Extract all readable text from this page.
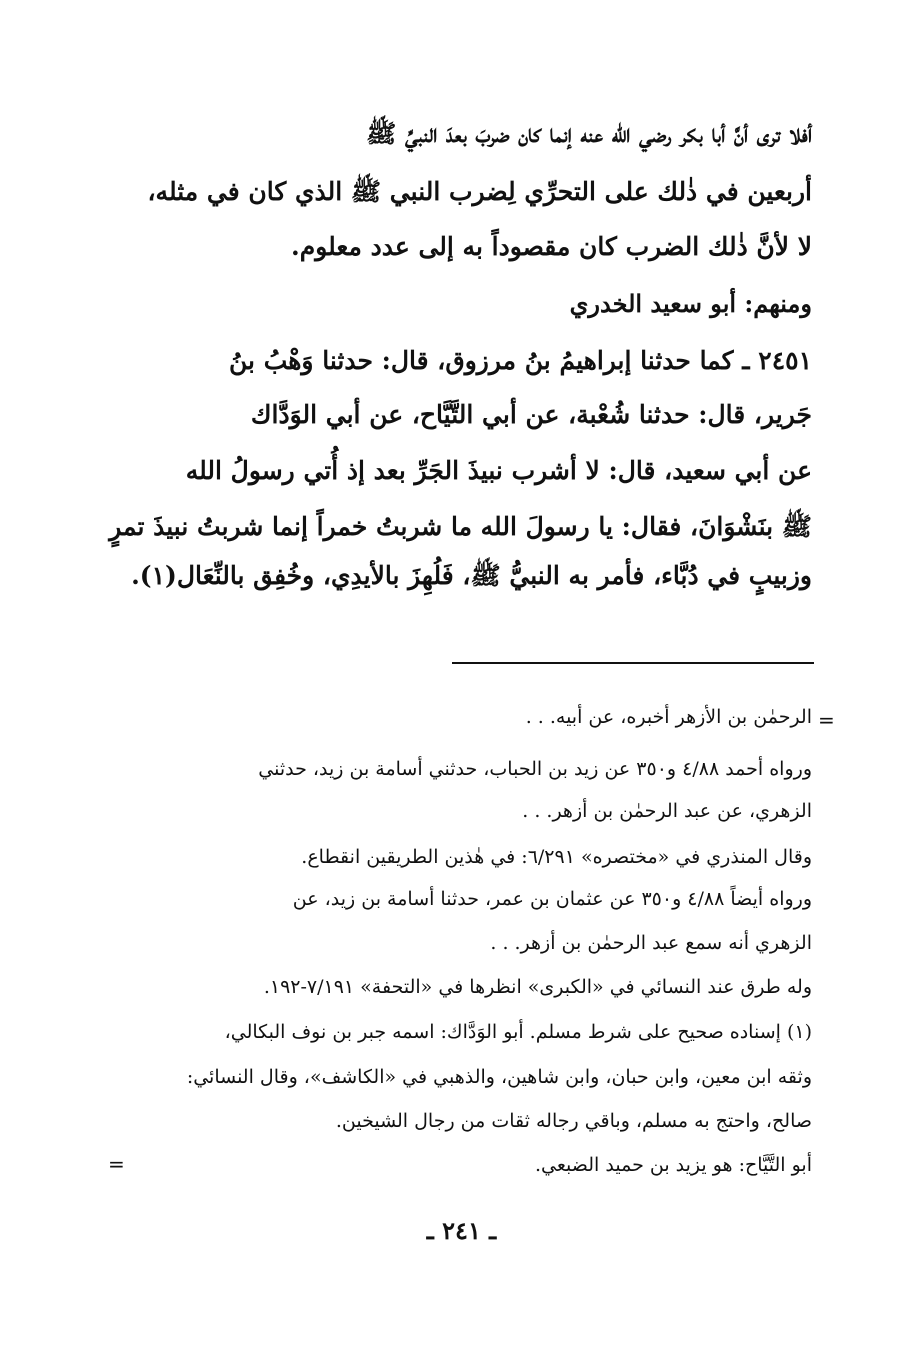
أفلا ترى أنَّ أبا بكر رضي الله عنه إنما كان ضربَ بعدَ النبيِّ ﷺ
أربعين في ذٰلك على التحرِّي لِضرب النبي ﷺ الذي كان في مثله،
لا لأنَّ ذٰلك الضرب كان مقصوداً به إلى عدد معلوم.
ومنهم: أبو سعيد الخدري
٢٤٥١ ـ كما حدثنا إبراهيمُ بنُ مرزوق، قال: حدثنا وَهْبُ بنُ
جَرير، قال: حدثنا شُعْبة، عن أبي التَّيَّاح، عن أبي الوَدَّاك
عن أبي سعيد، قال: لا أشرب نبيذَ الجَرِّ بعد إذ أُتي رسولُ الله
ﷺ بنَشْوَانَ، فقال: يا رسولَ الله ما شربتُ خمراً إنما شربتُ نبيذَ تمرٍ
وزبيبٍ في دُبَّاء، فأمر به النبيُّ ﷺ، فَلُهِزَ بالأيدِي، وخُفِق بالنِّعَال(١).
=
الرحمٰن بن الأزهر أخبره، عن أبيه. . .
ورواه أحمد ٤/٨٨ و٣٥٠ عن زيد بن الحباب، حدثني أسامة بن زيد، حدثني
الزهري، عن عبد الرحمٰن بن أزهر. . .
وقال المنذري في «مختصره» ٦/٢٩١: في هٰذين الطريقين انقطاع.
ورواه أيضاً ٤/٨٨ و٣٥٠ عن عثمان بن عمر، حدثنا أسامة بن زيد، عن
الزهري أنه سمع عبد الرحمٰن بن أزهر. . .
وله طرق عند النسائي في «الكبرى» انظرها في «التحفة» ٧/١٩١-١٩٢.
(١) إسناده صحيح على شرط مسلم. أبو الوَدَّاك: اسمه جبر بن نوف البكالي،
وثقه ابن معين، وابن حبان، وابن شاهين، والذهبي في «الكاشف»، وقال النسائي:
صالح، واحتج به مسلم، وباقي رجاله ثقات من رجال الشيخين.
أبو التَّيَّاح: هو يزيد بن حميد الضبعي.
=
ـ ٢٤١ ـ
